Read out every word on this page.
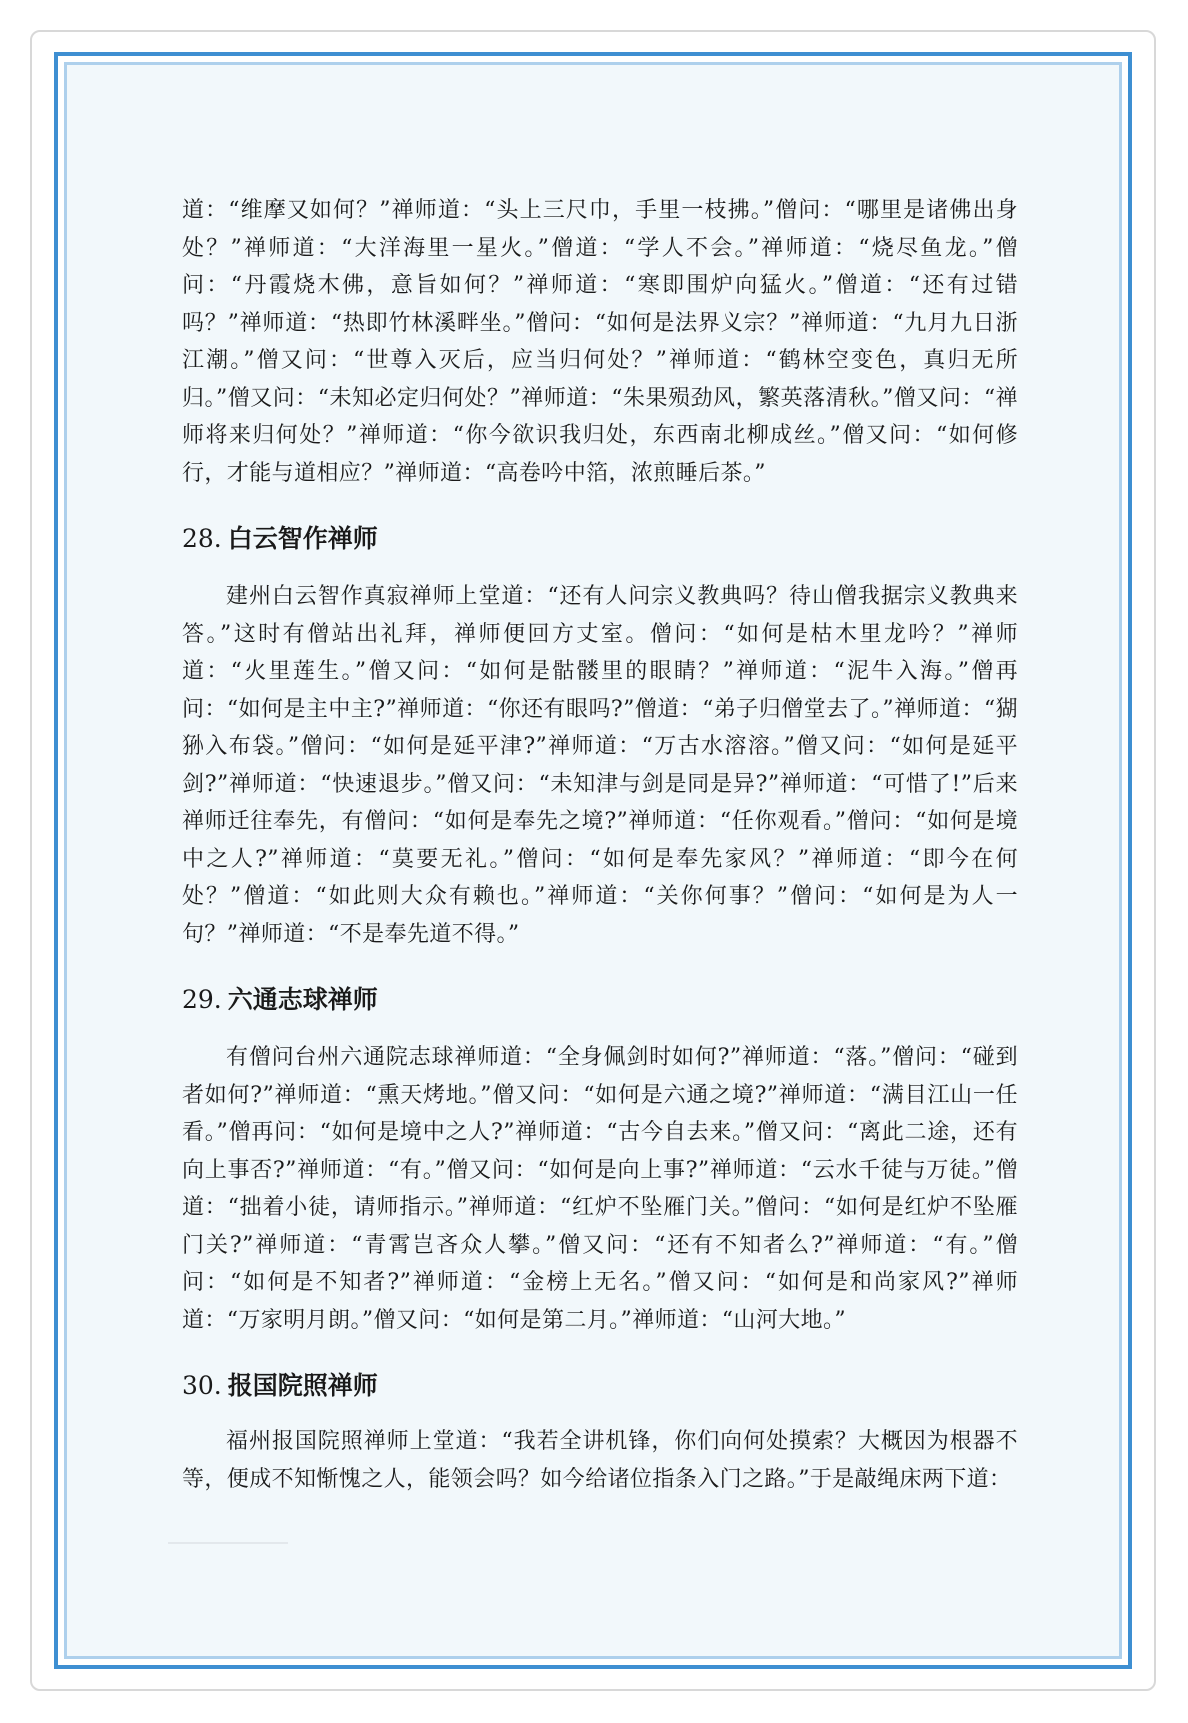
道：“维摩又如何？”禅师道：“头上三尺巾，手里一枝拂。”僧问：“哪里是诸佛出身处？”禅师道：“大洋海里一星火。”僧道：“学人不会。”禅师道：“烧尽鱼龙。”僧问：“丹霞烧木佛，意旨如何？”禅师道：“寒即围炉向猛火。”僧道：“还有过错吗？”禅师道：“热即竹林溪畔坐。”僧问：“如何是法界义宗？”禅师道：“九月九日浙江潮。”僧又问：“世尊入灭后，应当归何处？”禅师道：“鹤林空变色，真归无所归。”僧又问：“未知必定归何处？”禅师道：“朱果殒劲风，繁英落清秋。”僧又问：“禅师将来归何处？”禅师道：“你今欲识我归处，东西南北柳成丝。”僧又问：“如何修行，才能与道相应？”禅师道：“高卷吟中箔，浓煎睡后茶。”

28. 白云智作禅师

建州白云智作真寂禅师上堂道：“还有人问宗义教典吗？待山僧我据宗义教典来答。”这时有僧站出礼拜，禅师便回方丈室。僧问：“如何是枯木里龙吟？”禅师道：“火里莲生。”僧又问：“如何是骷髅里的眼睛？”禅师道：“泥牛入海。”僧再问：“如何是主中主?”禅师道：“你还有眼吗?”僧道：“弟子归僧堂去了。”禅师道：“猢狲入布袋。”僧问：“如何是延平津?”禅师道：“万古水溶溶。”僧又问：“如何是延平剑?”禅师道：“快速退步。”僧又问：“未知津与剑是同是异?”禅师道：“可惜了!”后来禅师迁往奉先，有僧问：“如何是奉先之境?”禅师道：“任你观看。”僧问：“如何是境中之人?”禅师道：“莫要无礼。”僧问：“如何是奉先家风？”禅师道：“即今在何处？”僧道：“如此则大众有赖也。”禅师道：“关你何事？”僧问：“如何是为人一句？”禅师道：“不是奉先道不得。”

29. 六通志球禅师

有僧问台州六通院志球禅师道：“全身佩剑时如何?”禅师道：“落。”僧问：“碰到者如何?”禅师道：“熏天烤地。”僧又问：“如何是六通之境?”禅师道：“满目江山一任看。”僧再问：“如何是境中之人?”禅师道：“古今自去来。”僧又问：“离此二途，还有向上事否?”禅师道：“有。”僧又问：“如何是向上事?”禅师道：“云水千徒与万徒。”僧道：“拙着小徒，请师指示。”禅师道：“红炉不坠雁门关。”僧问：“如何是红炉不坠雁门关?”禅师道：“青霄岂吝众人攀。”僧又问：“还有不知者么?”禅师道：“有。”僧问：“如何是不知者?”禅师道：“金榜上无名。”僧又问：“如何是和尚家风?”禅师道：“万家明月朗。”僧又问：“如何是第二月。”禅师道：“山河大地。”

30. 报国院照禅师

福州报国院照禅师上堂道：“我若全讲机锋，你们向何处摸索？大概因为根器不等，便成不知惭愧之人，能领会吗？如今给诸位指条入门之路。”于是敲绳床两下道：
